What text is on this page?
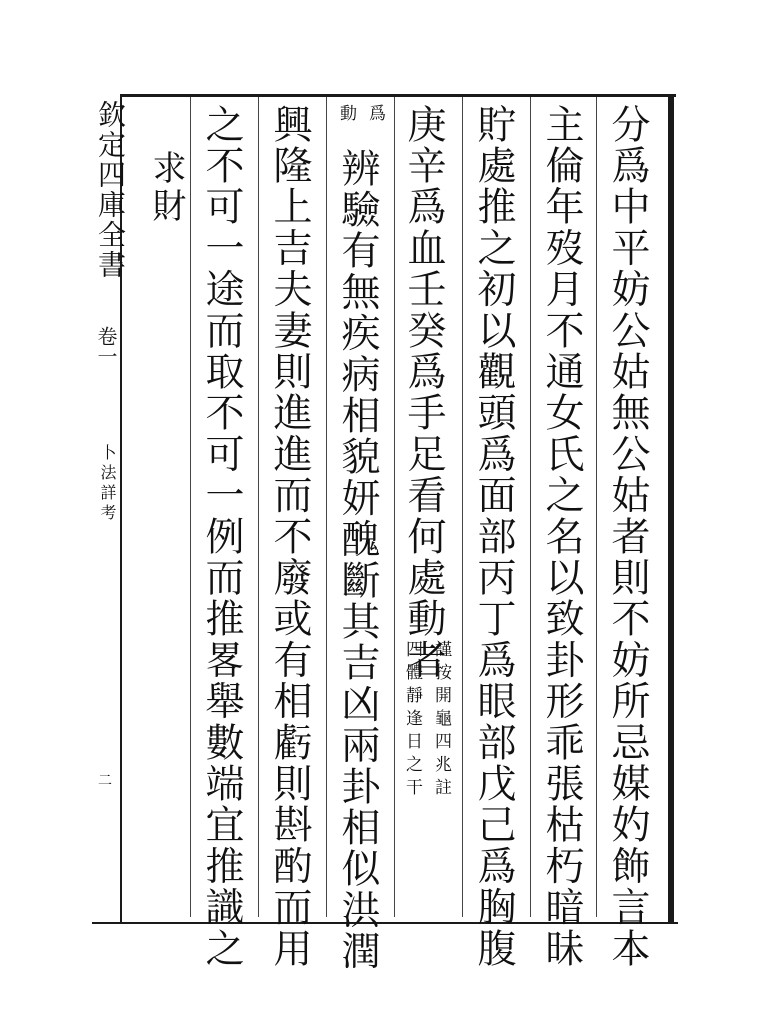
欽定四庫全書
卷一
卜法詳考
二
求財	分爲中平妨公姑無公姑者則不妨所忌媒妁飾言本
主倫年歿月不通女氏之名以致卦形乖張枯朽暗昧
貯處推之初以觀頭爲面部丙丁爲眼部戊己爲胸腹
庚辛爲血壬癸爲手足看何處動者
謹按開龜四兆註
四體靜逢日之干
爲
動
辨驗有無疾病相貌妍醜斷其吉凶兩卦相似洪潤
興隆上吉夫妻則進進而不廢或有相虧則斟酌而用
之不可一途而取不可一例而推畧舉數端宜推識之
